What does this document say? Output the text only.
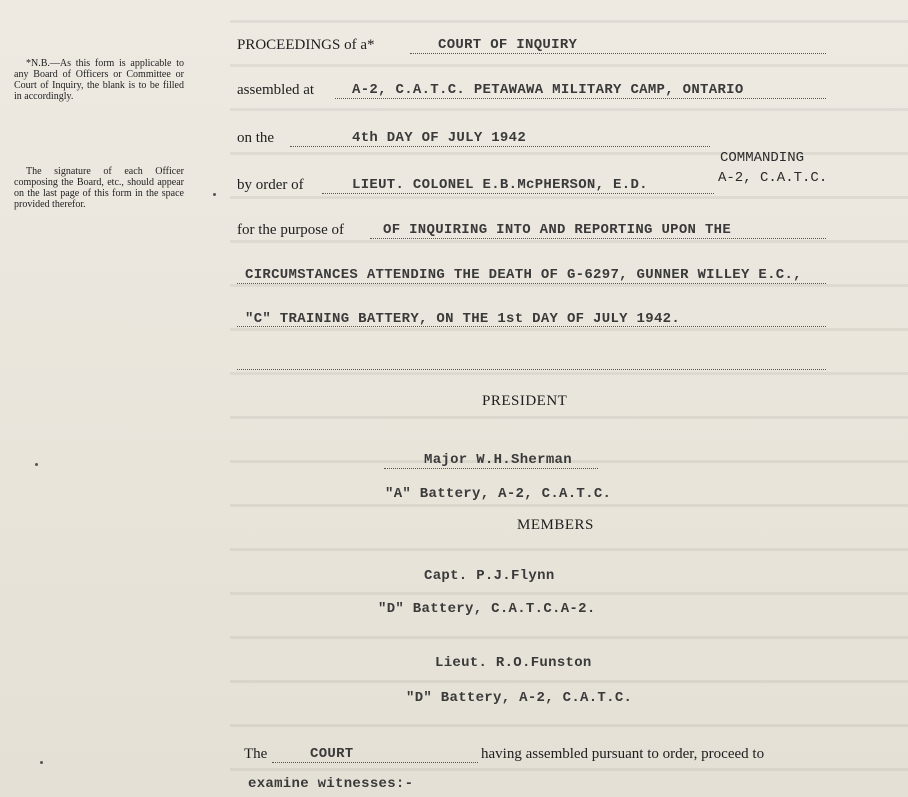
*N.B.—As this form is applicable to any Board of Officers or Committee or Court of Inquiry, the blank is to be filled in accordingly.

The signature of each Officer composing the Board, etc., should appear on the last page of this form in the space provided therefor.

PROCEEDINGS of a*	COURT OF INQUIRY
assembled at	A-2, C.A.T.C. PETAWAWA MILITARY CAMP, ONTARIO
on the	4th DAY OF JULY 1942
COMMANDING
A-2, C.A.T.C.
by order of	LIEUT. COLONEL E.B.McPHERSON, E.D.
for the purpose of	OF INQUIRING INTO AND REPORTING UPON THE
CIRCUMSTANCES ATTENDING THE DEATH OF G-6297, GUNNER WILLEY E.C.,
"C" TRAINING BATTERY, ON THE 1st DAY OF JULY 1942.
PRESIDENT
Major W.H.Sherman
"A" Battery, A-2, C.A.T.C.
MEMBERS
Capt. P.J.Flynn
"D" Battery, C.A.T.C.A-2.
Lieut. R.O.Funston
"D" Battery, A-2, C.A.T.C.
The	COURT	having assembled pursuant to order, proceed to
examine witnesses:-
